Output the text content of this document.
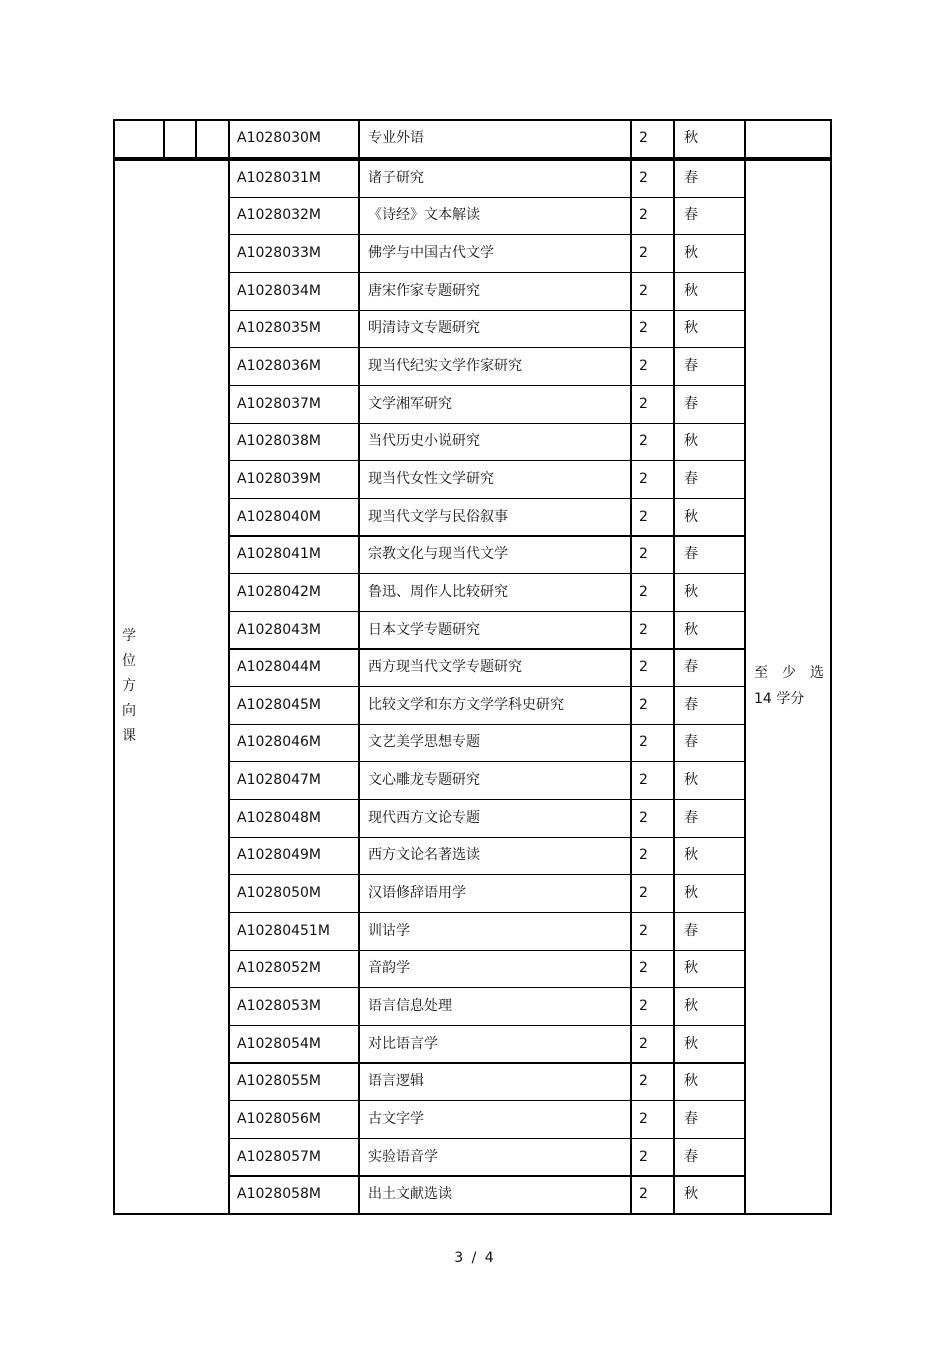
A1028030M	专业外语	2	秋
A1028031M	诸子研究	2	春
A1028032M	《诗经》文本解读	2	春
A1028033M	佛学与中国古代文学	2	秋
A1028034M	唐宋作家专题研究	2	秋
A1028035M	明清诗文专题研究	2	秋
A1028036M	现当代纪实文学作家研究	2	春
A1028037M	文学湘军研究	2	春
A1028038M	当代历史小说研究	2	秋
A1028039M	现当代女性文学研究	2	春
A1028040M	现当代文学与民俗叙事	2	秋
A1028041M	宗教文化与现当代文学	2	春
A1028042M	鲁迅、周作人比较研究	2	秋
A1028043M	日本文学专题研究	2	秋
A1028044M	西方现当代文学专题研究	2	春
A1028045M	比较文学和东方文学学科史研究	2	春
A1028046M	文艺美学思想专题	2	春
A1028047M	文心雕龙专题研究	2	秋
A1028048M	现代西方文论专题	2	春
A1028049M	西方文论名著选读	2	秋
A1028050M	汉语修辞语用学	2	秋
A10280451M	训诂学	2	春
A1028052M	音韵学	2	秋
A1028053M	语言信息处理	2	秋
A1028054M	对比语言学	2	秋
A1028055M	语言逻辑	2	秋
A1028056M	古文字学	2	春
A1028057M	实验语音学	2	春
A1028058M	出土文献选读	2	秋
学
位
方
向
课
至 少 选
14 学分
3 / 4
